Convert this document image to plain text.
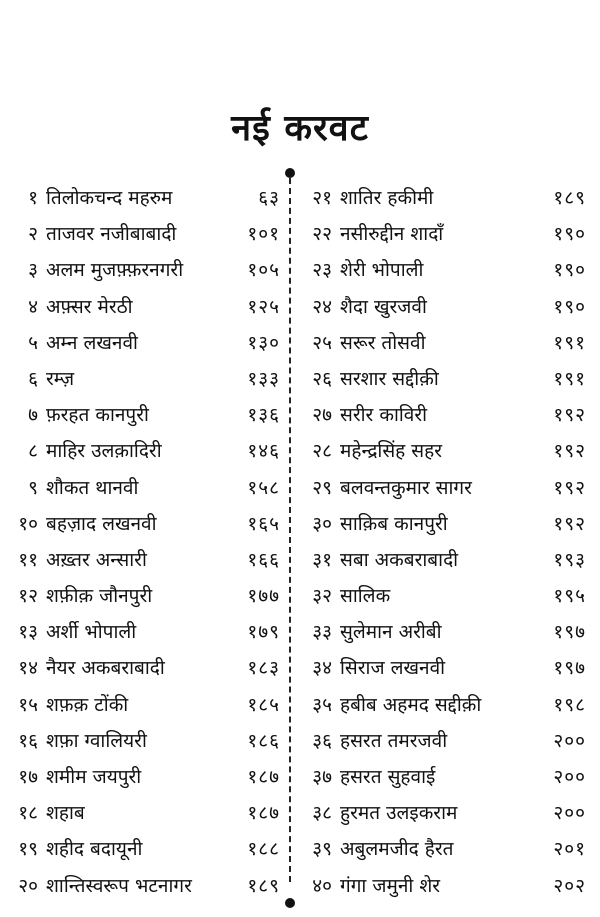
नई करवट
१ तिलोकचन्द महरुम	६३
२ ताजवर नजीबाबादी	१०१
३ अलम मुजफ़्फ़रनगरी	१०५
४ अफ़्सर मेरठी	१२५
५ अम्न लखनवी	१३०
६ रम्ज़	१३३
७ फ़रहत कानपुरी	१३६
८ माहिर उलक़ादिरी	१४६
९ शौकत थानवी	१५८
१० बहज़ाद लखनवी	१६५
११ अख़्तर अन्सारी	१६६
१२ शफ़ीक़ जौनपुरी	१७७
१३ अर्शी भोपाली	१७९
१४ नैयर अकबराबादी	१८३
१५ शफ़क़ टोंकी	१८५
१६ शफ़ा ग्वालियरी	१८६
१७ शमीम जयपुरी	१८७
१८ शहाब	१८७
१९ शहीद बदायूनी	१८८
२० शान्तिस्वरूप भटनागर	१८९
२१ शातिर हकीमी	१८९
२२ नसीरुद्दीन शादाँ	१९०
२३ शेरी भोपाली	१९०
२४ शैदा खुरजवी	१९०
२५ सरूर तोसवी	१९१
२६ सरशार सद्दीक़ी	१९१
२७ सरीर काविरी	१९२
२८ महेन्द्रसिंह सहर	१९२
२९ बलवन्तकुमार सागर	१९२
३० साक़िब कानपुरी	१९२
३१ सबा अकबराबादी	१९३
३२ सालिक	१९५
३३ सुलेमान अरीबी	१९७
३४ सिराज लखनवी	१९७
३५ हबीब अहमद सद्दीक़ी	१९८
३६ हसरत तमरजवी	२००
३७ हसरत सुहवाई	२००
३८ हुरमत उलइकराम	२००
३९ अबुलमजीद हैरत	२०१
४० गंगा जमुनी शेर	२०२
